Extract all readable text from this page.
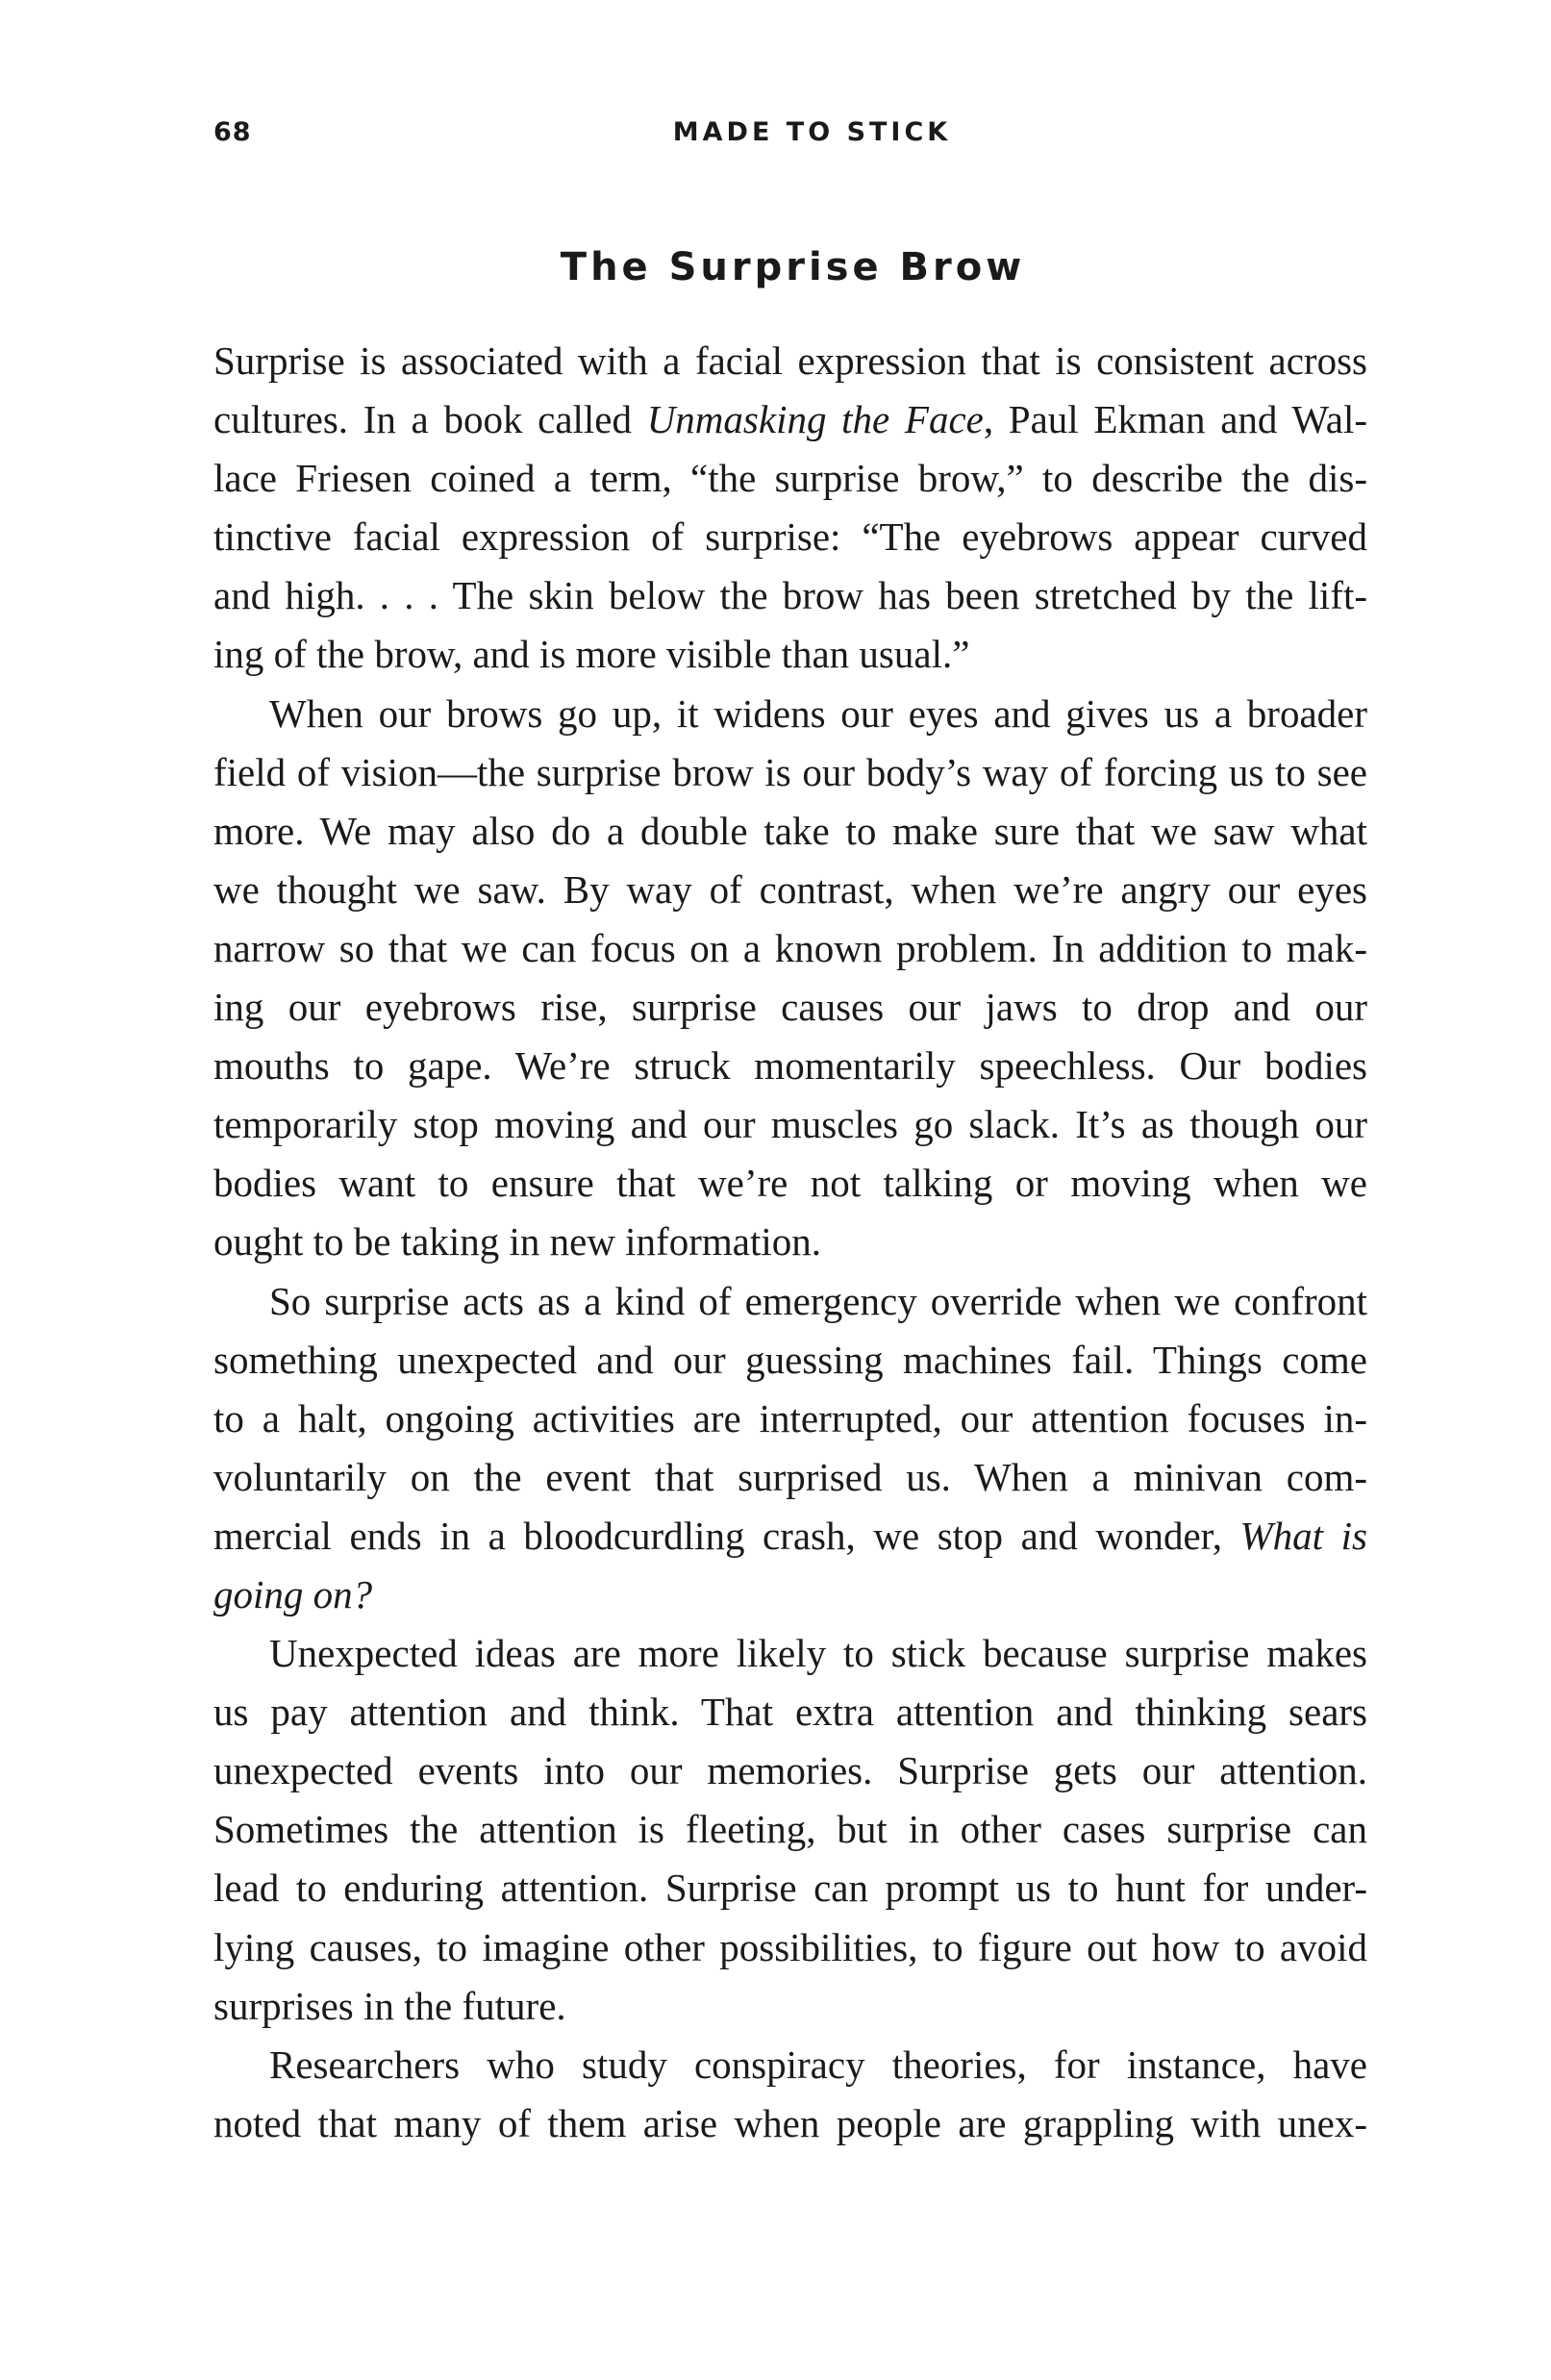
68	MADE TO STICK
The Surprise Brow
Surprise is associated with a facial expression that is consistent across
cultures. In a book called Unmasking the Face, Paul Ekman and Wal-
lace Friesen coined a term, “the surprise brow,” to describe the dis-
tinctive facial expression of surprise: “The eyebrows appear curved
and high. . . . The skin below the brow has been stretched by the lift-
ing of the brow, and is more visible than usual.”
When our brows go up, it widens our eyes and gives us a broader
field of vision—the surprise brow is our body’s way of forcing us to see
more. We may also do a double take to make sure that we saw what
we thought we saw. By way of contrast, when we’re angry our eyes
narrow so that we can focus on a known problem. In addition to mak-
ing our eyebrows rise, surprise causes our jaws to drop and our
mouths to gape. We’re struck momentarily speechless. Our bodies
temporarily stop moving and our muscles go slack. It’s as though our
bodies want to ensure that we’re not talking or moving when we
ought to be taking in new information.
So surprise acts as a kind of emergency override when we confront
something unexpected and our guessing machines fail. Things come
to a halt, ongoing activities are interrupted, our attention focuses in-
voluntarily on the event that surprised us. When a minivan com-
mercial ends in a bloodcurdling crash, we stop and wonder, What is
going on?
Unexpected ideas are more likely to stick because surprise makes
us pay attention and think. That extra attention and thinking sears
unexpected events into our memories. Surprise gets our attention.
Sometimes the attention is fleeting, but in other cases surprise can
lead to enduring attention. Surprise can prompt us to hunt for under-
lying causes, to imagine other possibilities, to figure out how to avoid
surprises in the future.
Researchers who study conspiracy theories, for instance, have
noted that many of them arise when people are grappling with unex-
